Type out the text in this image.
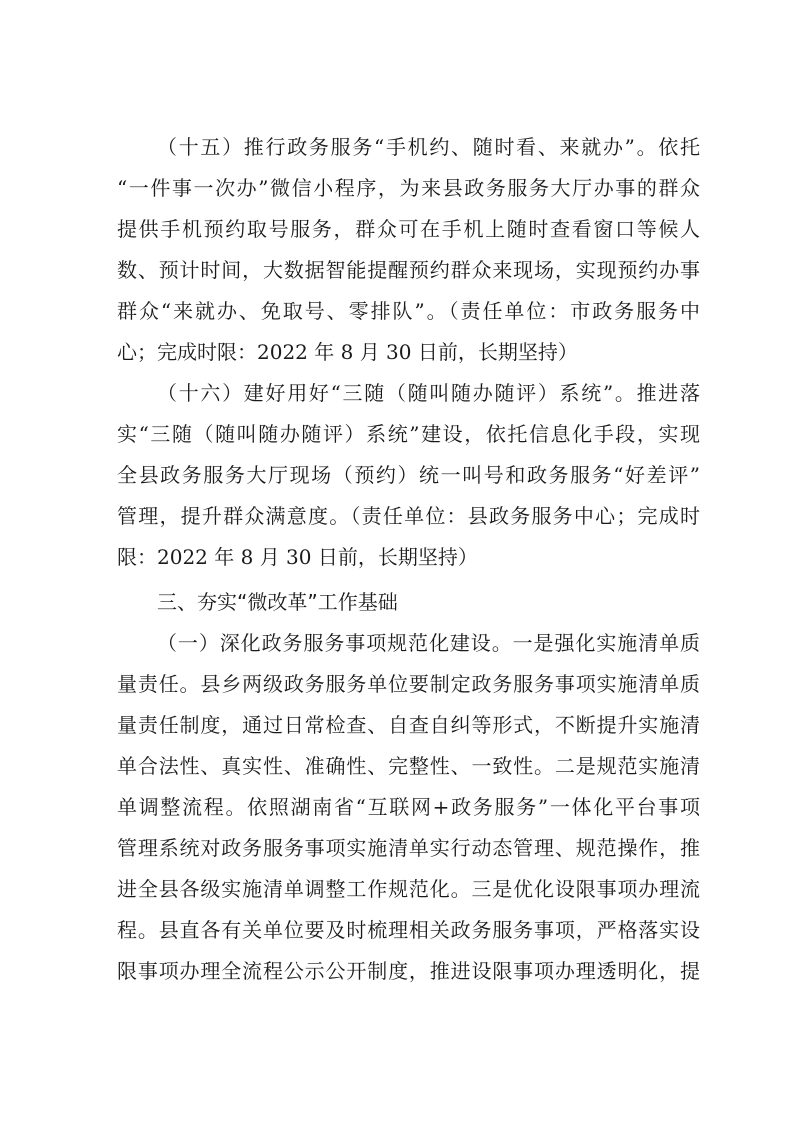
（十五）推行政务服务“手机约、随时看、来就办”。依托
“一件事一次办”微信小程序，为来县政务服务大厅办事的群众
提供手机预约取号服务，群众可在手机上随时查看窗口等候人
数、预计时间，大数据智能提醒预约群众来现场，实现预约办事
群众“来就办、免取号、零排队”。（责任单位：市政务服务中
心；完成时限：2022 年 8 月 30 日前，长期坚持）
（十六）建好用好“三随（随叫随办随评）系统”。推进落
实“三随（随叫随办随评）系统”建设，依托信息化手段，实现
全县政务服务大厅现场（预约）统一叫号和政务服务“好差评”
管理，提升群众满意度。（责任单位：县政务服务中心；完成时
限：2022 年 8 月 30 日前，长期坚持）
三、夯实“微改革”工作基础
（一）深化政务服务事项规范化建设。一是强化实施清单质
量责任。县乡两级政务服务单位要制定政务服务事项实施清单质
量责任制度，通过日常检查、自查自纠等形式，不断提升实施清
单合法性、真实性、准确性、完整性、一致性。二是规范实施清
单调整流程。依照湖南省“互联网+政务服务”一体化平台事项
管理系统对政务服务事项实施清单实行动态管理、规范操作，推
进全县各级实施清单调整工作规范化。三是优化设限事项办理流
程。县直各有关单位要及时梳理相关政务服务事项，严格落实设
限事项办理全流程公示公开制度，推进设限事项办理透明化，提
